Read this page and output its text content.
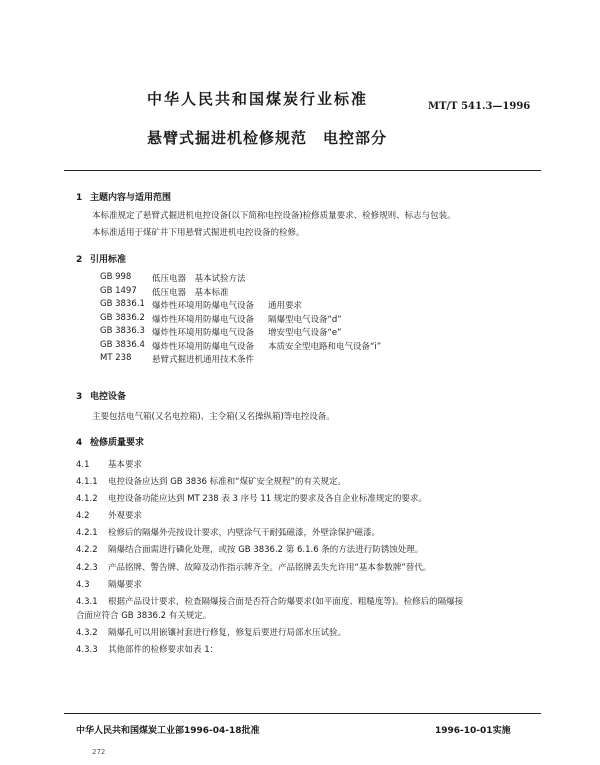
中华人民共和国煤炭行业标准	MT/T 541.3—1996
悬臂式掘进机检修规范　电控部分
1 主题内容与适用范围
本标准规定了悬臂式掘进机电控设备(以下简称电控设备)检修质量要求、检修规则、标志与包装。
本标准适用于煤矿井下用悬臂式掘进机电控设备的检修。
2 引用标准
GB 998	低压电器　基本试验方法
GB 1497	低压电器　基本标准
GB 3836.1 爆炸性环境用防爆电气设备	通用要求
GB 3836.2 爆炸性环境用防爆电气设备	隔爆型电气设备“d”
GB 3836.3 爆炸性环境用防爆电气设备	增安型电气设备“e”
GB 3836.4 爆炸性环境用防爆电气设备	本质安全型电路和电气设备“i”
MT 238	悬臂式掘进机通用技术条件
3 电控设备
主要包括电气箱(又名电控箱)、主令箱(又名操纵箱)等电控设备。
4 检修质量要求
4.1 基本要求
4.1.1 电控设备应达到 GB 3836 标准和“煤矿安全规程”的有关规定。
4.1.2 电控设备功能应达到 MT 238 表 3 序号 11 规定的要求及各自企业标准规定的要求。
4.2 外观要求
4.2.1 检修后的隔爆外壳按设计要求，内壁涂气干耐弧磁漆，外壁涂保护磁漆。
4.2.2 隔爆结合面需进行磷化处理，或按 GB 3836.2 第 6.1.6 条的方法进行防锈蚀处理。
4.2.3 产品铭牌、警告牌、故障及动作指示牌齐全。产品铭牌丢失允许用“基本参数牌”替代。
4.3 隔爆要求
4.3.1 根据产品设计要求，检查隔爆接合面是否符合防爆要求(如平面度、粗糙度等)。检修后的隔爆接
合面应符合 GB 3836.2 有关规定。
4.3.2 隔爆孔可以用嵌镶衬套进行修复，修复后要进行局部水压试验。
4.3.3 其他部件的检修要求如表 1：
中华人民共和国煤炭工业部1996-04-18批准	1996-10-01实施
272
